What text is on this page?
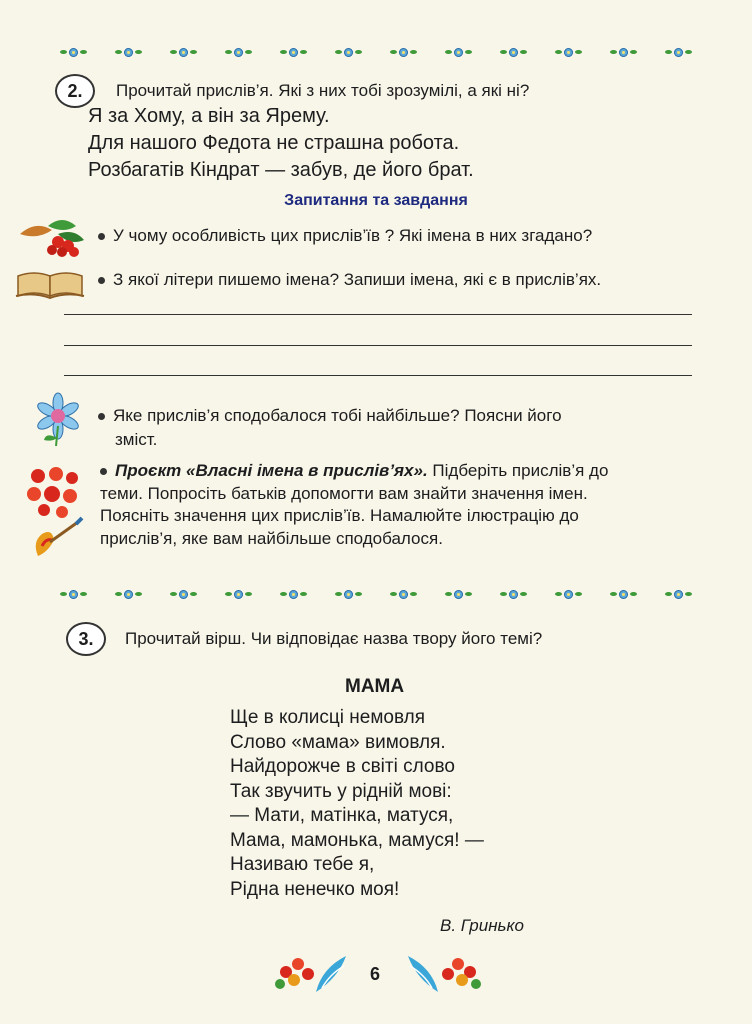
2.	Прочитай прислів’я. Які з них тобі зрозумілі, а які ні?
Я за Хому, а він за Ярему.
Для нашого Федота не страшна робота.
Розбагатів Кіндрат — забув, де його брат.
Запитання та завдання
У чому особливість цих прислів’їв ? Які імена в них згадано?
З якої літери пишемо імена? Запиши імена, які є в прислів’ях.
Яке прислів’я сподобалося тобі найбільше? Поясни його
зміст.
Проєкт «Власні імена в прислів’ях». Підберіть прислів’я до
теми. Попросіть батьків допомогти вам знайти значення імен.
Поясніть значення цих прислів’їв. Намалюйте ілюстрацію до
прислів’я, яке вам найбільше сподобалося.
3.	Прочитай вірш. Чи відповідає назва твору його темі?
МАМА
Ще в колисці немовля
Слово «мама» вимовля.
Найдорожче в світі слово
Так звучить у рідній мові:
— Мати, матінка, матуся,
Мама, мамонька, мамуся! —
Називаю тебе я,
Рідна ненечко моя!
В. Гринько
6
